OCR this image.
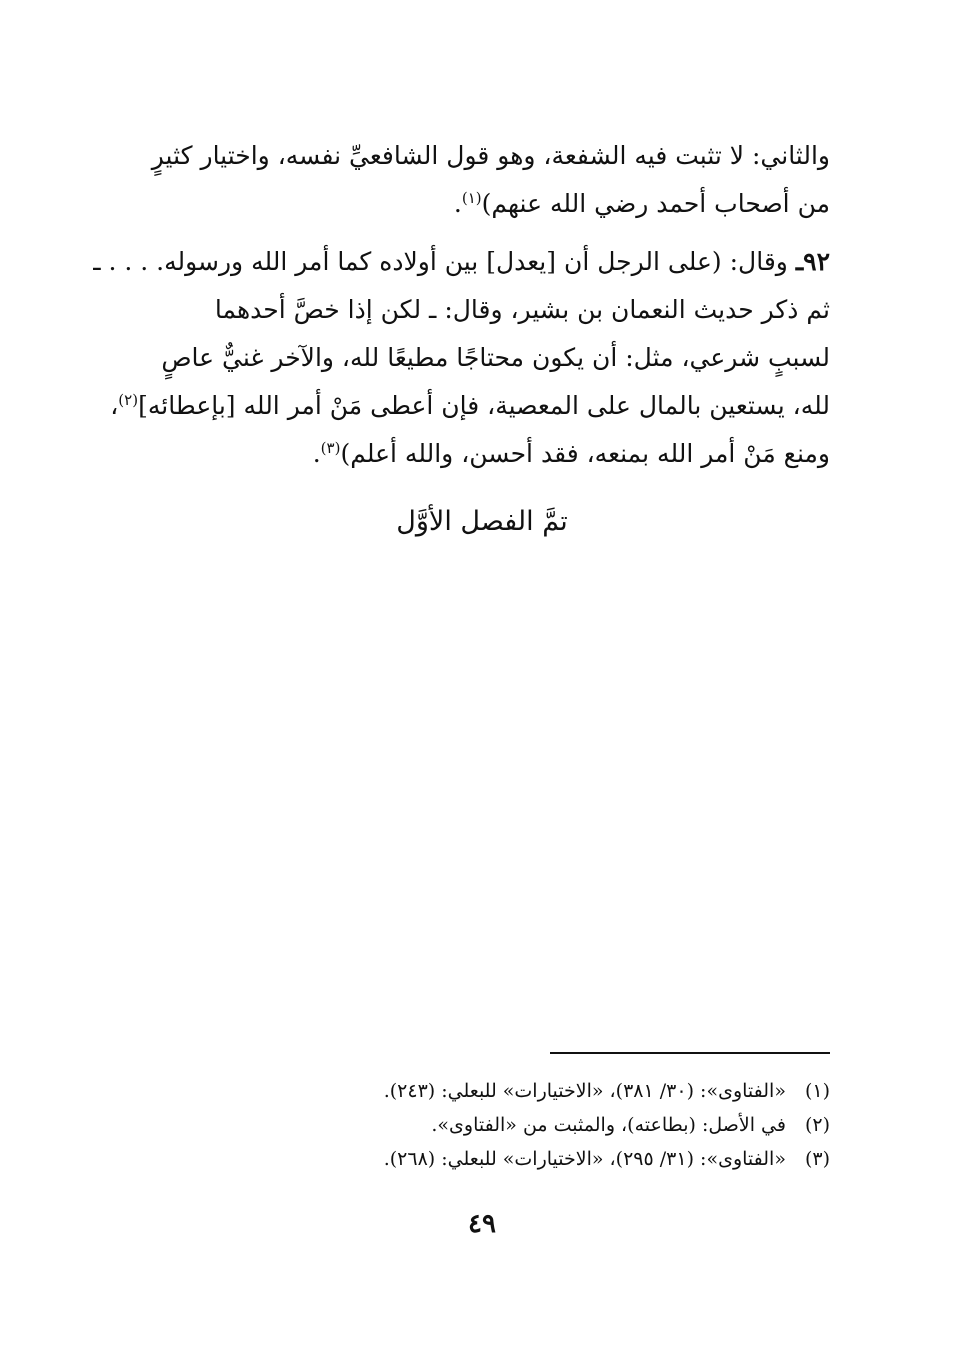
والثاني: لا تثبت فيه الشفعة، وهو قول الشافعيِّ نفسه، واختيار كثيرٍ
من أصحاب أحمد رضي الله عنهم)$^{(١)}$.
٩٢ـ وقال: (على الرجل أن [يعدل] بين أولاده كما أمر الله ورسوله. . . . ـ
ثم ذكر حديث النعمان بن بشير، وقال: ـ لكن إذا خصَّ أحدهما
لسببٍ شرعي، مثل: أن يكون محتاجًا مطيعًا لله، والآخر غنيٌّ عاصٍ
لله، يستعين بالمال على المعصية، فإن أعطى مَنْ أمر الله [بإعطائه]$^{(٢)}$،
ومنع مَنْ أمر الله بمنعه، فقد أحسن، والله أعلم)$^{(٣)}$.
تمَّ الفصل الأوَّل
(١) «الفتاوى»: (٣٠/ ٣٨١)، «الاختيارات» للبعلي: (٢٤٣).
(٢) في الأصل: (بطاعته)، والمثبت من «الفتاوى».
(٣) «الفتاوى»: (٣١/ ٢٩٥)، «الاختيارات» للبعلي: (٢٦٨).
٤٩
